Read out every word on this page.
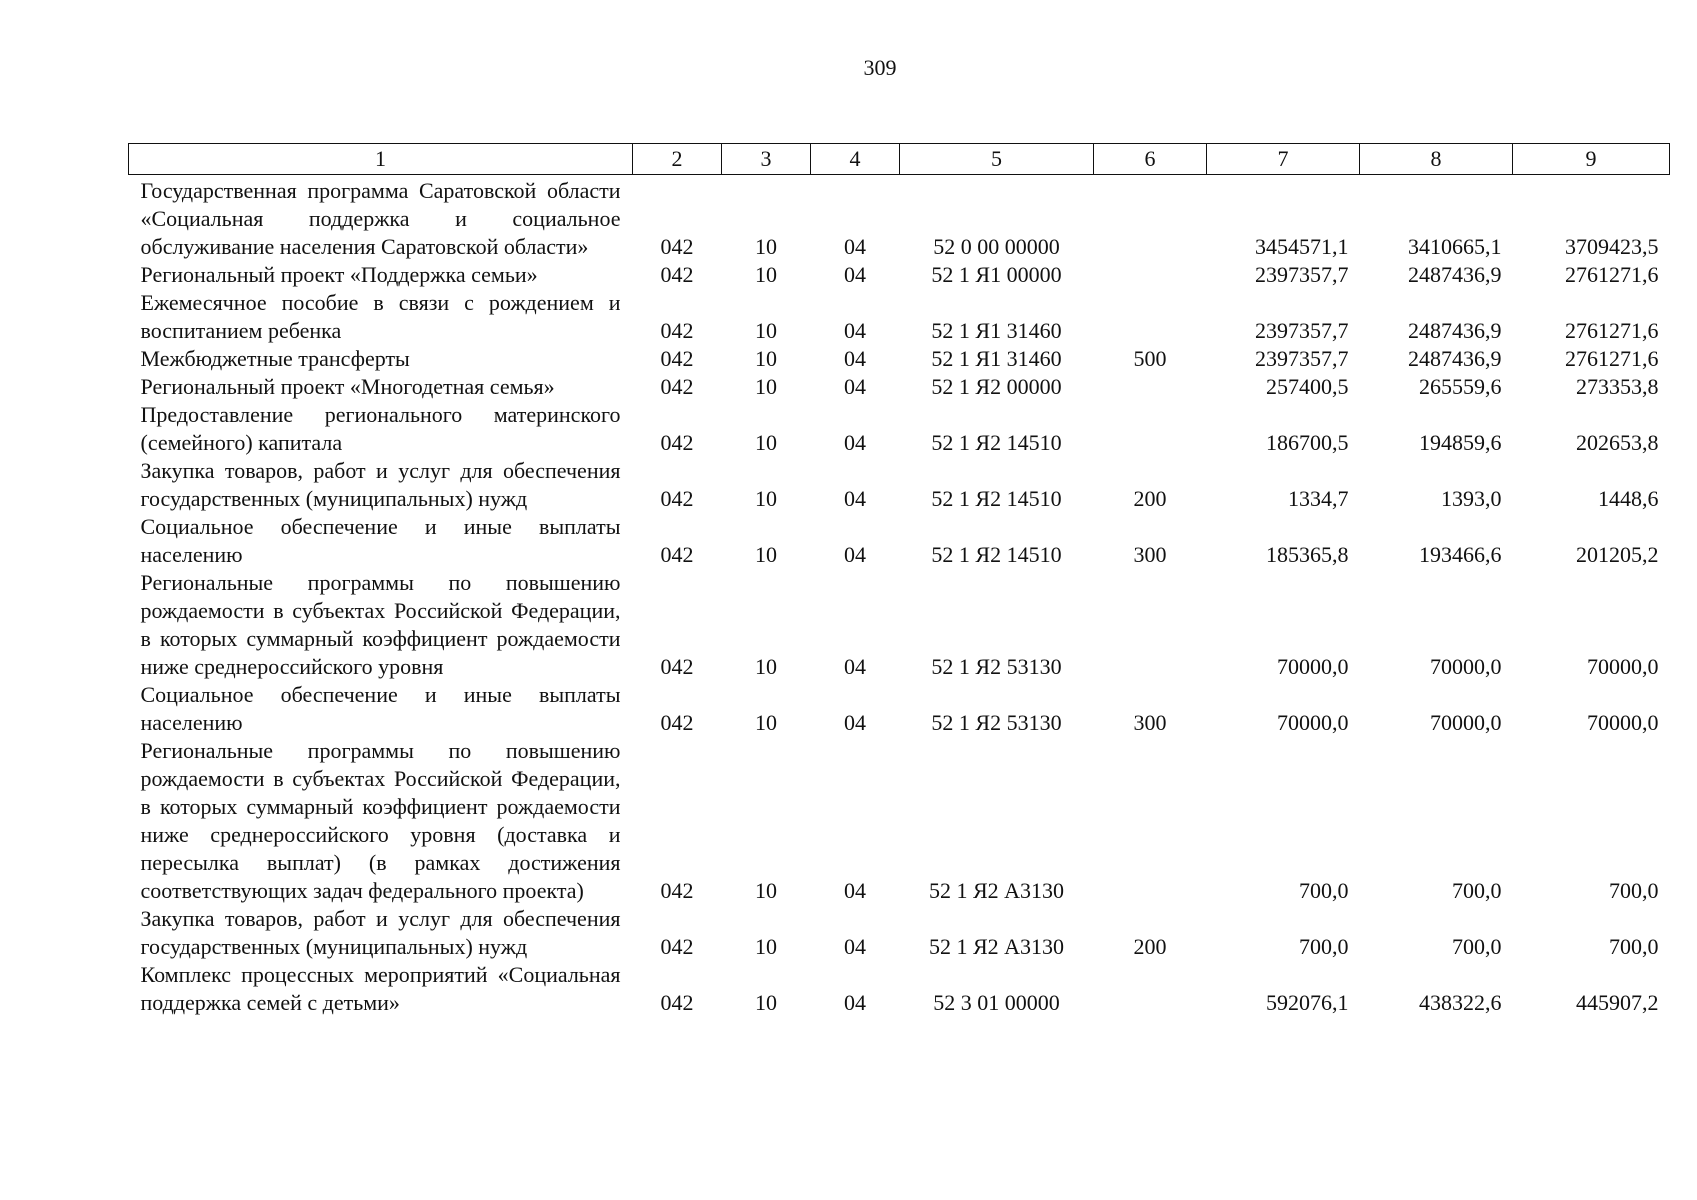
309
1	2	3	4	5	6	7	8	9
Государственная программа Саратовской области «Социальная поддержка и социальное обслуживание населения Саратовской области»	042	10	04	52 0 00 00000		3454571,1	3410665,1	3709423,5
Региональный проект «Поддержка семьи»	042	10	04	52 1 Я1 00000		2397357,7	2487436,9	2761271,6
Ежемесячное пособие в связи с рождением и воспитанием ребенка	042	10	04	52 1 Я1 31460		2397357,7	2487436,9	2761271,6
Межбюджетные трансферты	042	10	04	52 1 Я1 31460	500	2397357,7	2487436,9	2761271,6
Региональный проект «Многодетная семья»	042	10	04	52 1 Я2 00000		257400,5	265559,6	273353,8
Предоставление регионального материнского (семейного) капитала	042	10	04	52 1 Я2 14510		186700,5	194859,6	202653,8
Закупка товаров, работ и услуг для обеспечения государственных (муниципальных) нужд	042	10	04	52 1 Я2 14510	200	1334,7	1393,0	1448,6
Социальное обеспечение и иные выплаты населению	042	10	04	52 1 Я2 14510	300	185365,8	193466,6	201205,2
Региональные программы по повышению рождаемости в субъектах Российской Федерации, в которых суммарный коэффициент рождаемости ниже среднероссийского уровня	042	10	04	52 1 Я2 53130		70000,0	70000,0	70000,0
Социальное обеспечение и иные выплаты населению	042	10	04	52 1 Я2 53130	300	70000,0	70000,0	70000,0
Региональные программы по повышению рождаемости в субъектах Российской Федерации, в которых суммарный коэффициент рождаемости ниже среднероссийского уровня (доставка и пересылка выплат) (в рамках достижения соответствующих задач федерального проекта)	042	10	04	52 1 Я2 А3130		700,0	700,0	700,0
Закупка товаров, работ и услуг для обеспечения государственных (муниципальных) нужд	042	10	04	52 1 Я2 А3130	200	700,0	700,0	700,0
Комплекс процессных мероприятий «Социальная поддержка семей с детьми»	042	10	04	52 3 01 00000		592076,1	438322,6	445907,2
